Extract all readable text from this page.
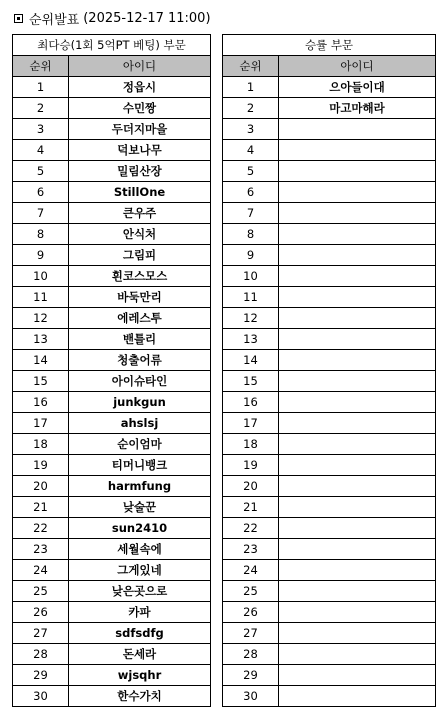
순위발표 (2025-12-17 11:00)
최다승(1회 5억PT 베팅) 부문	
순위	아이디
1	정읍시
2	수민짱
3	두더지마을
4	덕보나무
5	밀림산장
6	StillOne
7	큰우주
8	안식처
9	그림피
10	흰코스모스
11	바둑만리
12	에레스투
13	밴틀리
14	청출어류
15	아이슈타인
16	junkgun
17	ahslsj
18	순이엄마
19	티머니뱅크
20	harmfung
21	낮술꾼
22	sun2410
23	세월속에
24	그게있네
25	낮은곳으로
26	카파
27	sdfsdfg
28	돈세라
29	wjsqhr
30	한수가치
승률 부문	
순위	아이디
1	으아들이대
2	마고마해라
3	
4	
5	
6	
7	
8	
9	
10	
11	
12	
13	
14	
15	
16	
17	
18	
19	
20	
21	
22	
23	
24	
25	
26	
27	
28	
29	
30	
